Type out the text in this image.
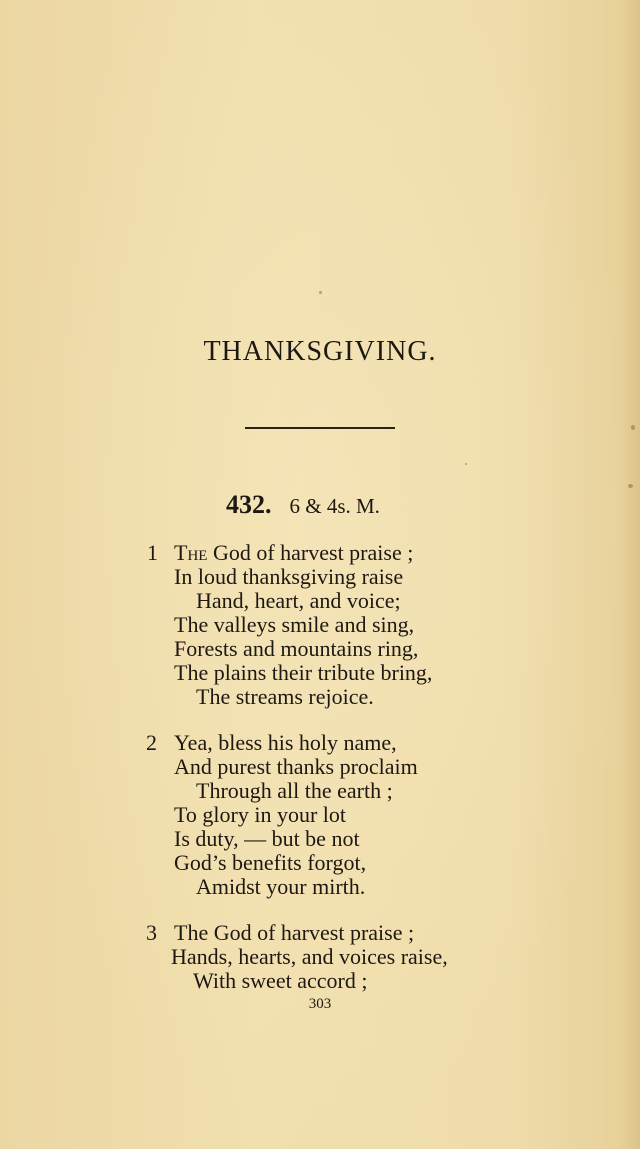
THANKSGIVING.
432. 6 & 4s. M.
1 The God of harvest praise ;
In loud thanksgiving raise
Hand, heart, and voice;
The valleys smile and sing,
Forests and mountains ring,
The plains their tribute bring,
The streams rejoice.
2 Yea, bless his holy name,
And purest thanks proclaim
Through all the earth ;
To glory in your lot
Is duty, — but be not
God’s benefits forgot,
Amidst your mirth.
3 The God of harvest praise ;
Hands, hearts, and voices raise,
With sweet accord ;
303
